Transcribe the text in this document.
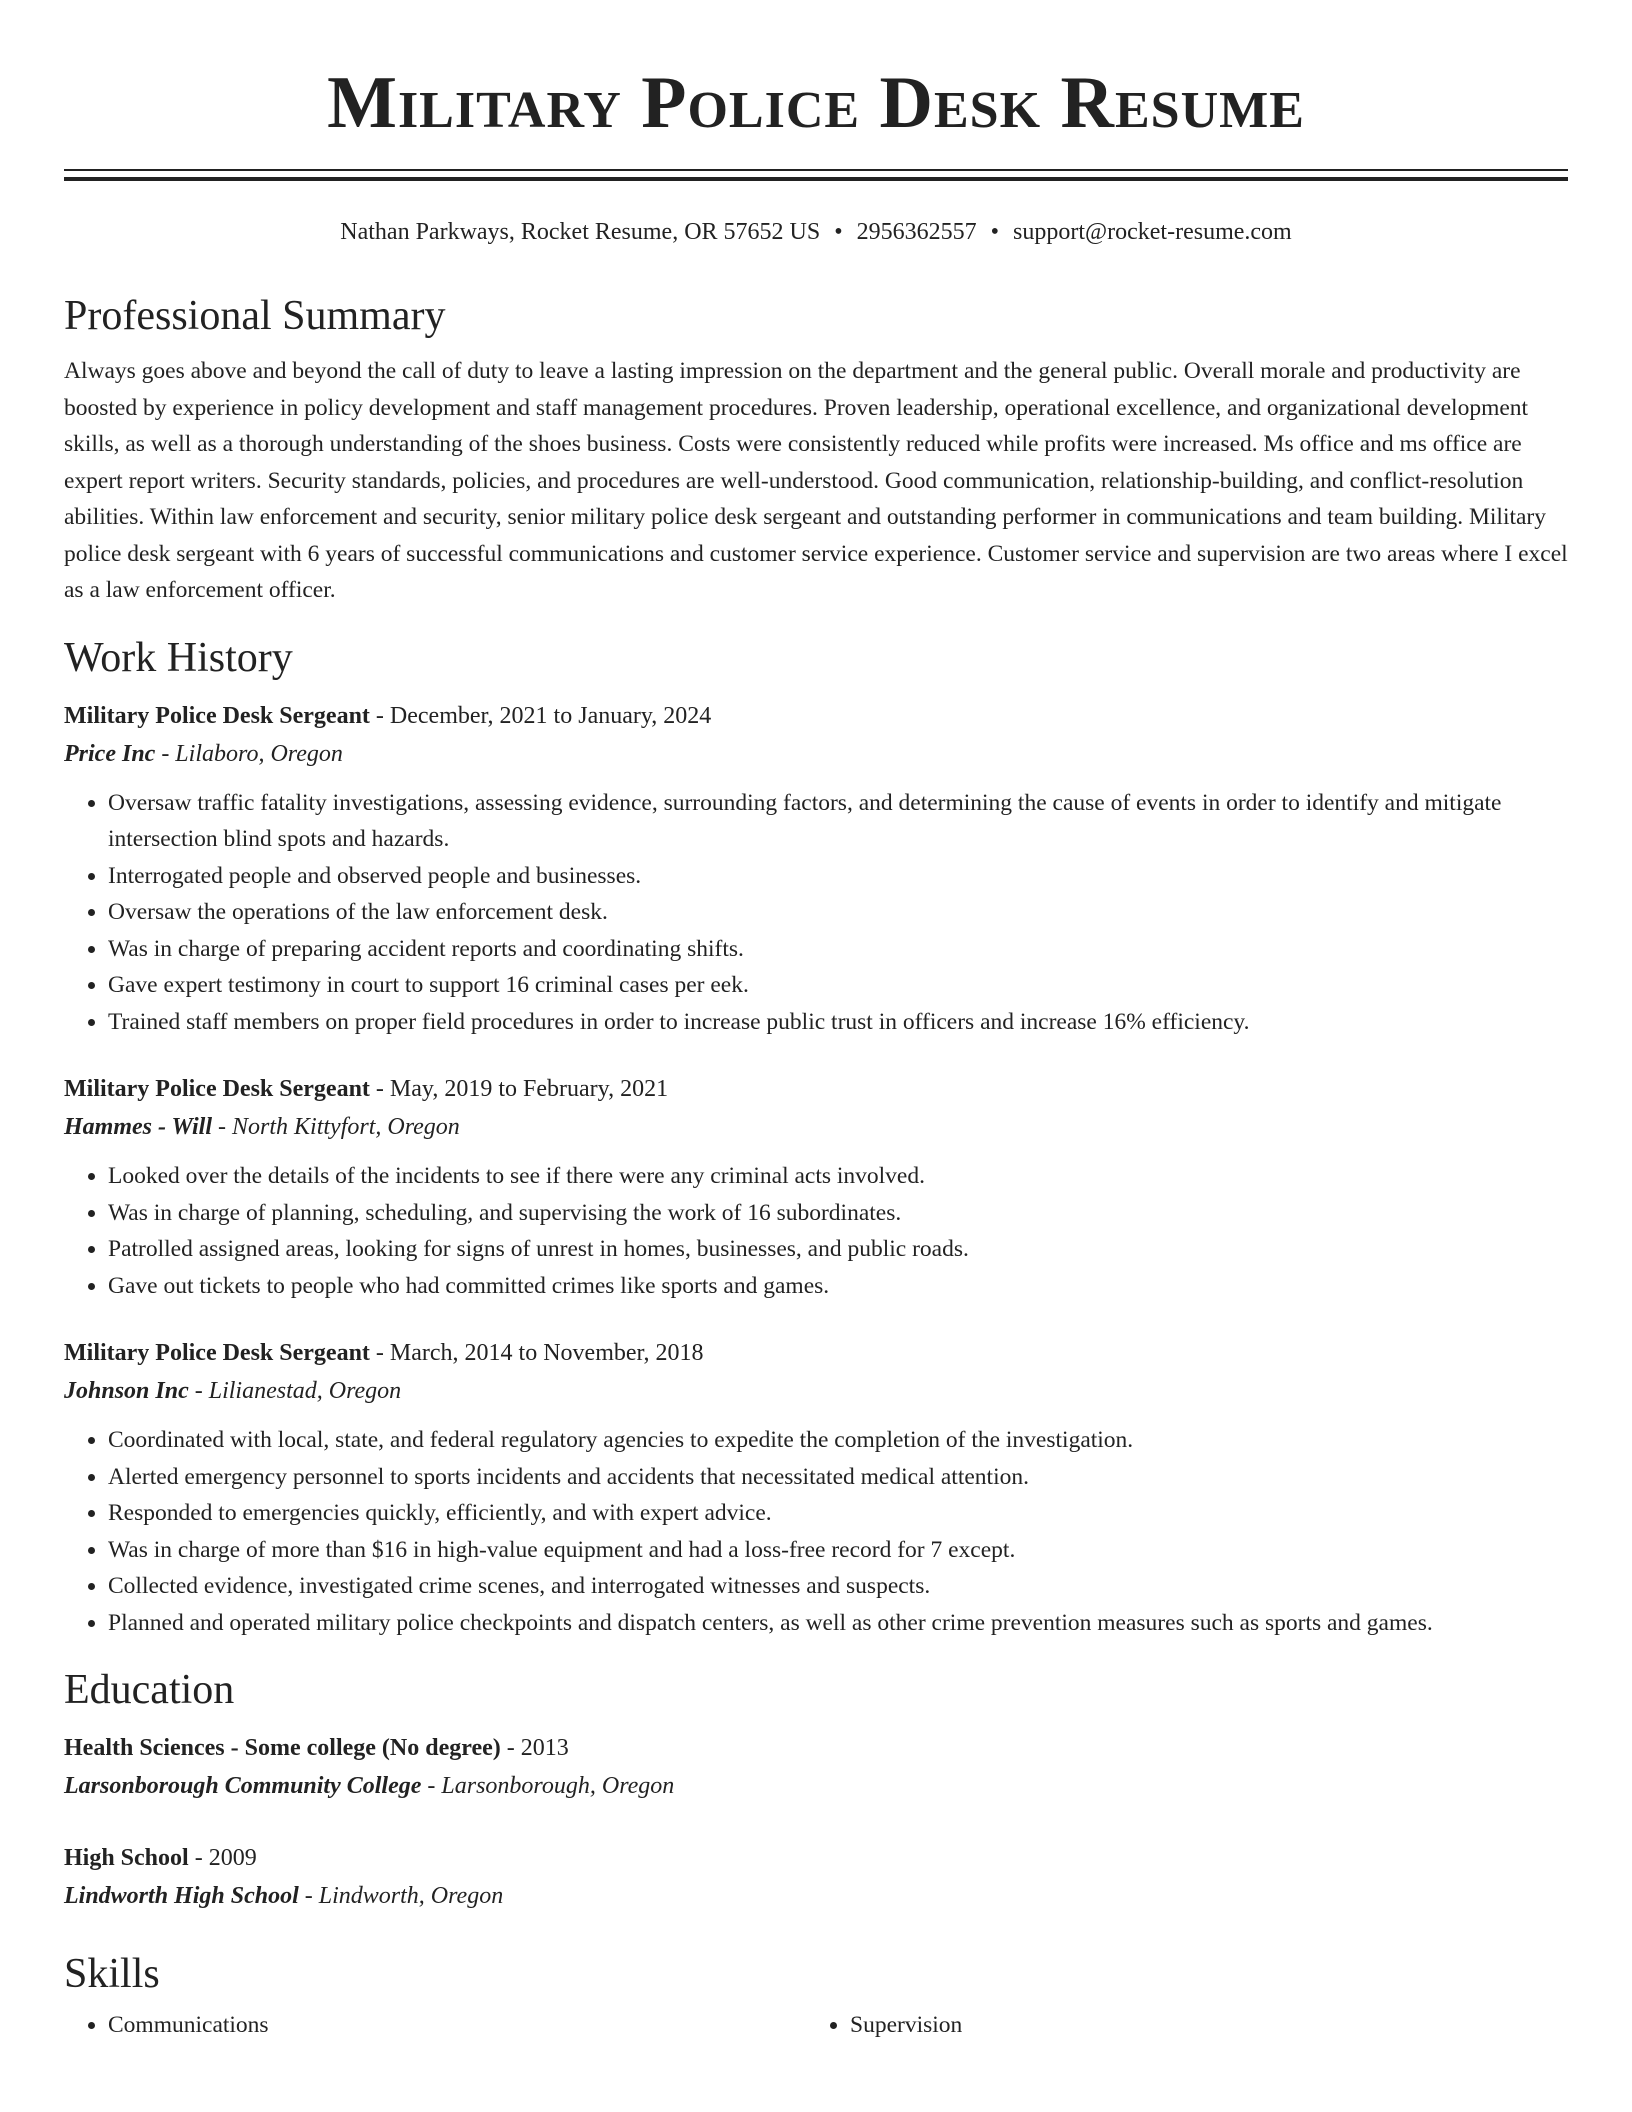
Military Police Desk Resume
Nathan Parkways, Rocket Resume, OR 57652 US • 2956362557 • support@rocket-resume.com
Professional Summary

Always goes above and beyond the call of duty to leave a lasting impression on the department and the general public. Overall morale and productivity are boosted by experience in policy development and staff management procedures. Proven leadership, operational excellence, and organizational development skills, as well as a thorough understanding of the shoes business. Costs were consistently reduced while profits were increased. Ms office and ms office are expert report writers. Security standards, policies, and procedures are well-understood. Good communication, relationship-building, and conflict-resolution abilities. Within law enforcement and security, senior military police desk sergeant and outstanding performer in communications and team building. Military police desk sergeant with 6 years of successful communications and customer service experience. Customer service and supervision are two areas where I excel as a law enforcement officer.

Work History
Military Police Desk Sergeant - December, 2021 to January, 2024
Price Inc - Lilaboro, Oregon
• Oversaw traffic fatality investigations, assessing evidence, surrounding factors, and determining the cause of events in order to identify and mitigate intersection blind spots and hazards.
• Interrogated people and observed people and businesses.
• Oversaw the operations of the law enforcement desk.
• Was in charge of preparing accident reports and coordinating shifts.
• Gave expert testimony in court to support 16 criminal cases per eek.
• Trained staff members on proper field procedures in order to increase public trust in officers and increase 16% efficiency.
Military Police Desk Sergeant - May, 2019 to February, 2021
Hammes - Will - North Kittyfort, Oregon
• Looked over the details of the incidents to see if there were any criminal acts involved.
• Was in charge of planning, scheduling, and supervising the work of 16 subordinates.
• Patrolled assigned areas, looking for signs of unrest in homes, businesses, and public roads.
• Gave out tickets to people who had committed crimes like sports and games.
Military Police Desk Sergeant - March, 2014 to November, 2018
Johnson Inc - Lilianestad, Oregon
• Coordinated with local, state, and federal regulatory agencies to expedite the completion of the investigation.
• Alerted emergency personnel to sports incidents and accidents that necessitated medical attention.
• Responded to emergencies quickly, efficiently, and with expert advice.
• Was in charge of more than $16 in high-value equipment and had a loss-free record for 7 except.
• Collected evidence, investigated crime scenes, and interrogated witnesses and suspects.
• Planned and operated military police checkpoints and dispatch centers, as well as other crime prevention measures such as sports and games.
Education
Health Sciences - Some college (No degree) - 2013
Larsonborough Community College - Larsonborough, Oregon
High School - 2009
Lindworth High School - Lindworth, Oregon
Skills
• Communications
•	Supervision
